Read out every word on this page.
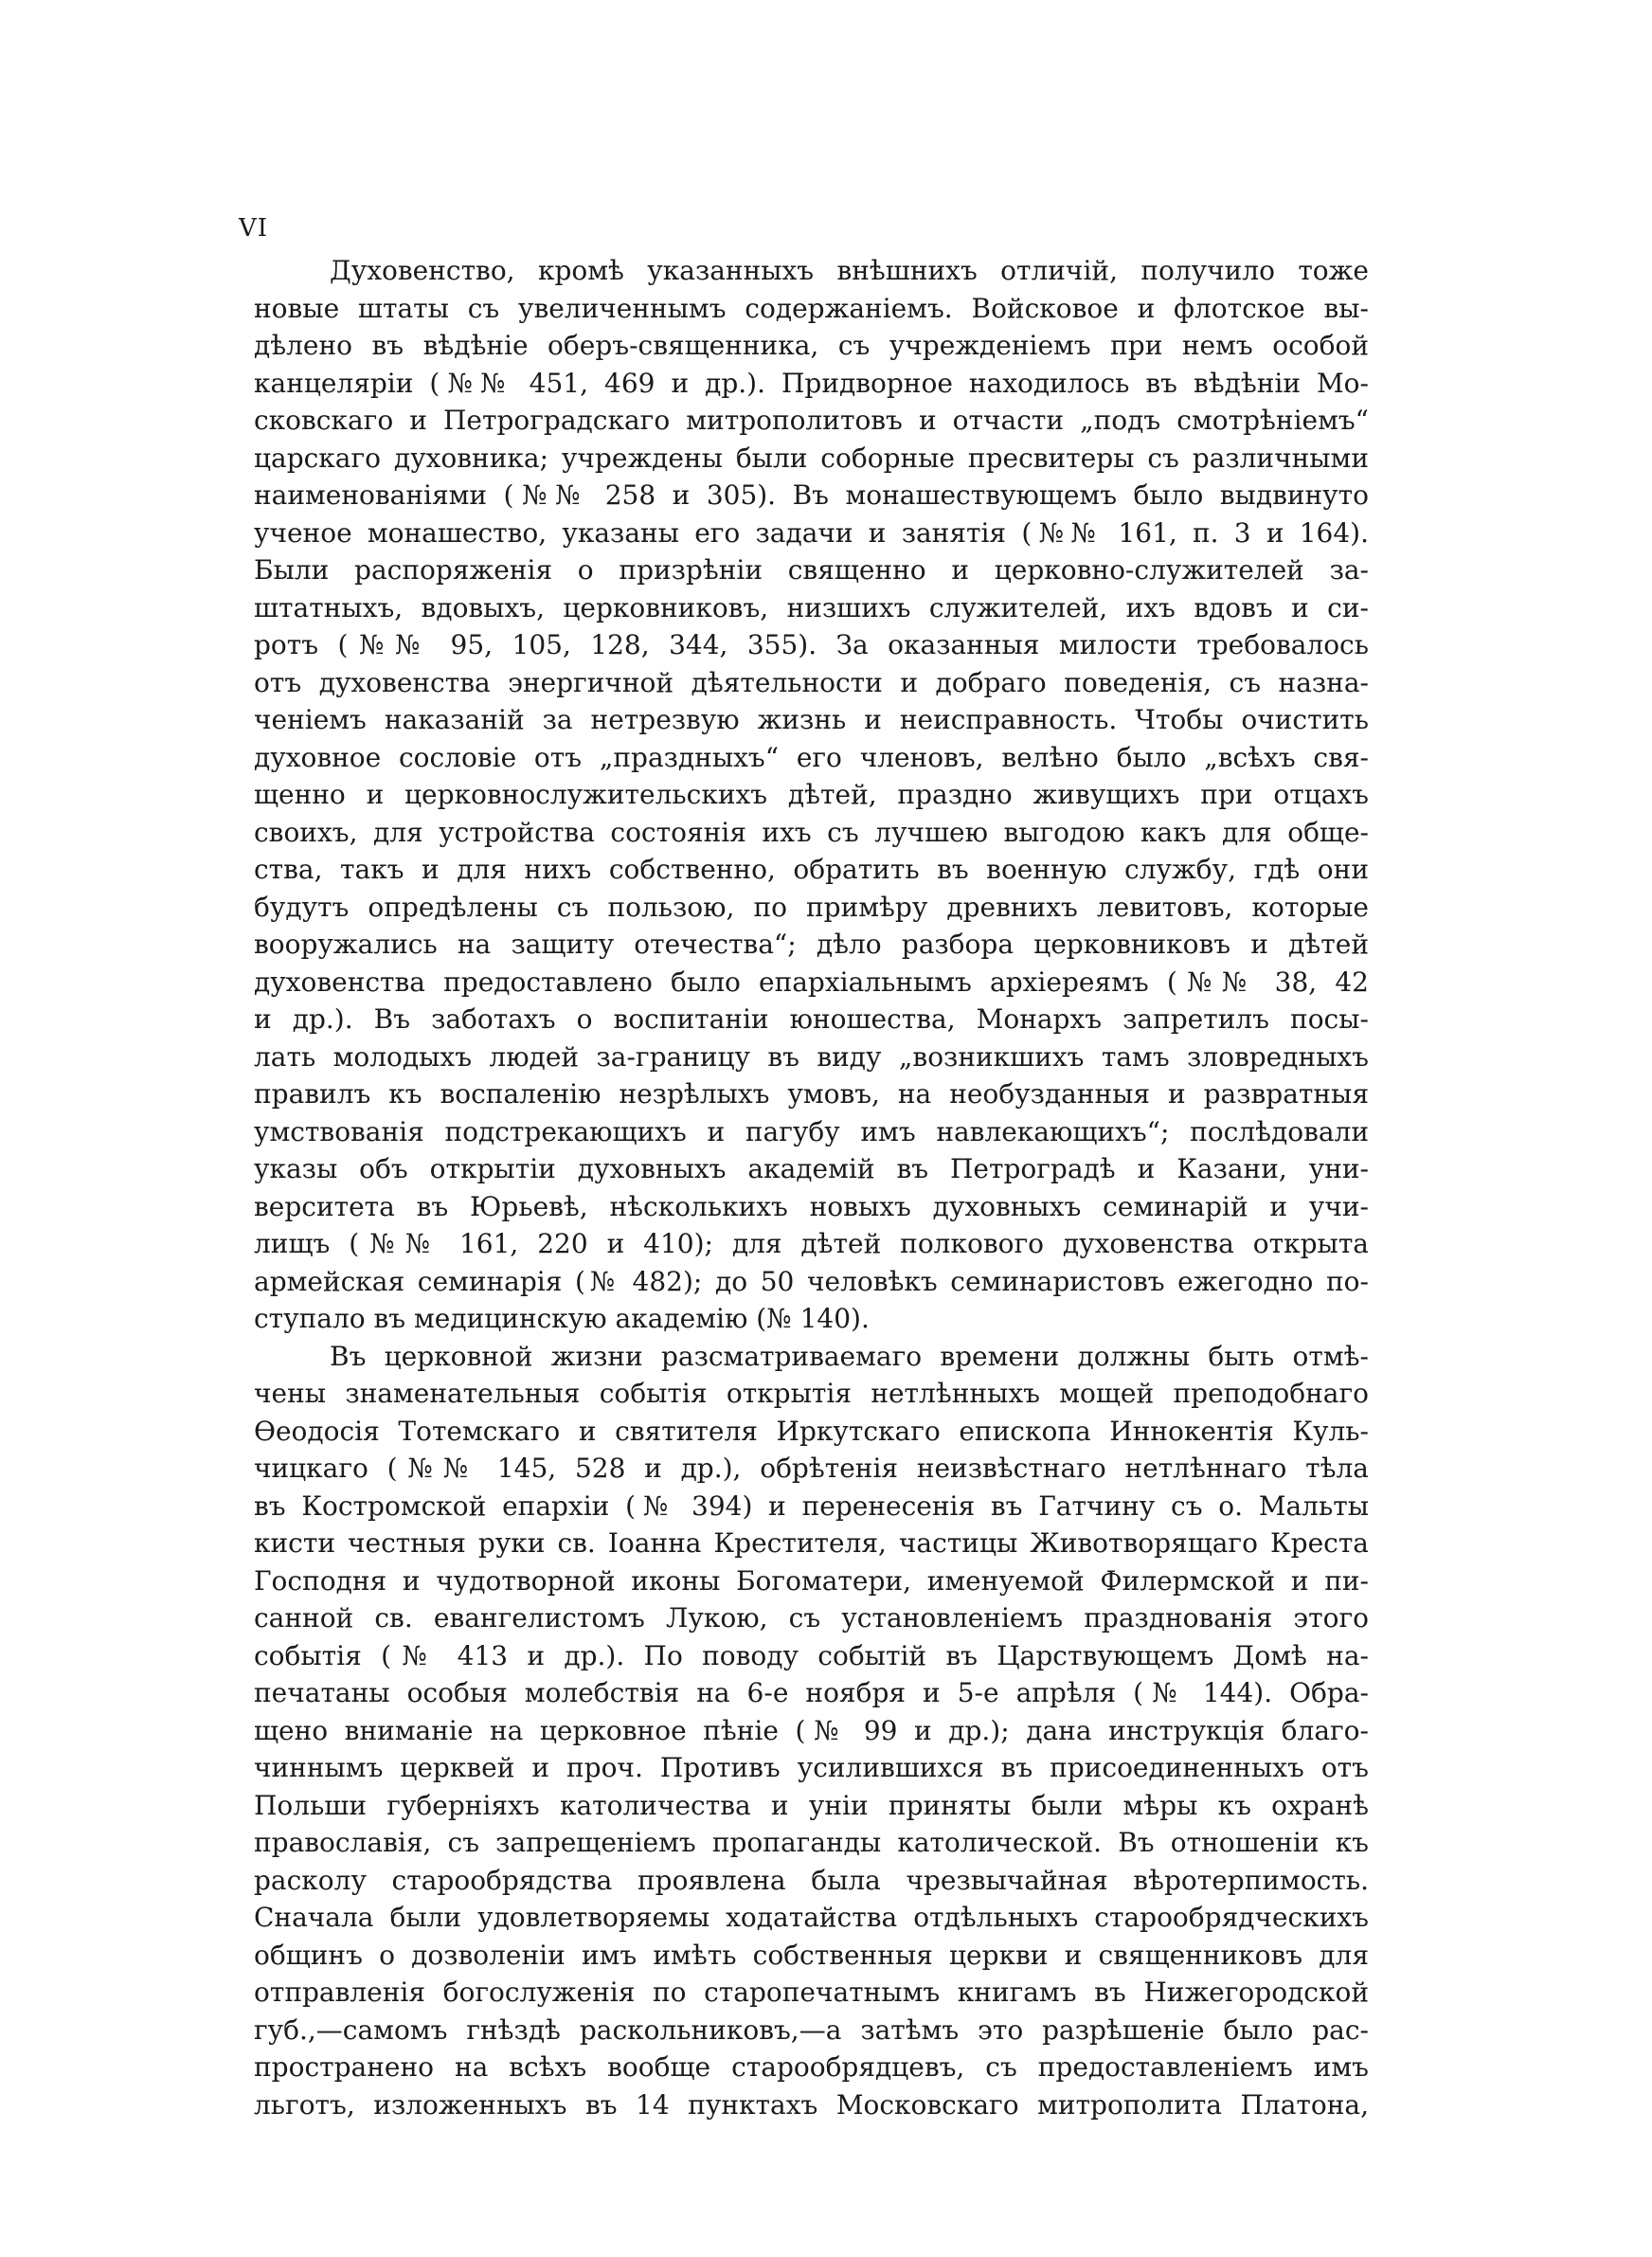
VI
Духовенство, кромѣ указанныхъ внѣшнихъ отличій, получило тоже
новые штаты съ увеличеннымъ содержаніемъ. Войсковое и флотское вы-
дѣлено въ вѣдѣніе оберъ-священника, съ учрежденіемъ при немъ особой
канцеляріи (№№ 451, 469 и др.). Придворное находилось въ вѣдѣніи Мо-
сковскаго и Петроградскаго митрополитовъ и отчасти „подъ смотрѣніемъ“
царскаго духовника; учреждены были соборные пресвитеры съ различными
наименованіями (№№ 258 и 305). Въ монашествующемъ было выдвинуто
ученое монашество, указаны его задачи и занятія (№№ 161, п. 3 и 164).
Были распоряженія о призрѣніи священно и церковно-служителей за-
штатныхъ, вдовыхъ, церковниковъ, низшихъ служителей, ихъ вдовъ и си-
ротъ (№№ 95, 105, 128, 344, 355). За оказанныя милости требовалось
отъ духовенства энергичной дѣятельности и добраго поведенія, съ назна-
ченіемъ наказаній за нетрезвую жизнь и неисправность. Чтобы очистить
духовное сословіе отъ „праздныхъ“ его членовъ, велѣно было „всѣхъ свя-
щенно и церковнослужительскихъ дѣтей, праздно живущихъ при отцахъ
своихъ, для устройства состоянія ихъ съ лучшею выгодою какъ для обще-
ства, такъ и для нихъ собственно, обратить въ военную службу, гдѣ они
будутъ опредѣлены съ пользою, по примѣру древнихъ левитовъ, которые
вооружались на защиту отечества“; дѣло разбора церковниковъ и дѣтей
духовенства предоставлено было епархіальнымъ архіереямъ (№№ 38, 42
и др.). Въ заботахъ о воспитаніи юношества, Монархъ запретилъ посы-
лать молодыхъ людей за-границу въ виду „возникшихъ тамъ зловредныхъ
правилъ къ воспаленію незрѣлыхъ умовъ, на необузданныя и развратныя
умствованія подстрекающихъ и пагубу имъ навлекающихъ“; послѣдовали
указы объ открытіи духовныхъ академій въ Петроградѣ и Казани, уни-
верситета въ Юрьевѣ, нѣсколькихъ новыхъ духовныхъ семинарій и учи-
лищъ (№№ 161, 220 и 410); для дѣтей полкового духовенства открыта
армейская семинарія (№ 482); до 50 человѣкъ семинаристовъ ежегодно по-
ступало въ медицинскую академію (№ 140).
Въ церковной жизни разсматриваемаго времени должны быть отмѣ-
чены знаменательныя событія открытія нетлѣнныхъ мощей преподобнаго
Ѳеодосія Тотемскаго и святителя Иркутскаго епископа Иннокентія Куль-
чицкаго (№№ 145, 528 и др.), обрѣтенія неизвѣстнаго нетлѣннаго тѣла
въ Костромской епархіи (№ 394) и перенесенія въ Гатчину съ о. Мальты
кисти честныя руки св. Іоанна Крестителя, частицы Животворящаго Креста
Господня и чудотворной иконы Богоматери, именуемой Филермской и пи-
санной св. евангелистомъ Лукою, съ установленіемъ празднованія этого
событія (№ 413 и др.). По поводу событій въ Царствующемъ Домѣ на-
печатаны особыя молебствія на 6-е ноября и 5-е апрѣля (№ 144). Обра-
щено вниманіе на церковное пѣніе (№ 99 и др.); дана инструкція благо-
чиннымъ церквей и проч. Противъ усилившихся въ присоединенныхъ отъ
Польши губерніяхъ католичества и уніи приняты были мѣры къ охранѣ
православія, съ запрещеніемъ пропаганды католической. Въ отношеніи къ
расколу старообрядства проявлена была чрезвычайная вѣротерпимость.
Сначала были удовлетворяемы ходатайства отдѣльныхъ старообрядческихъ
общинъ о дозволеніи имъ имѣть собственныя церкви и священниковъ для
отправленія богослуженія по старопечатнымъ книгамъ въ Нижегородской
губ.,—самомъ гнѣздѣ раскольниковъ,—а затѣмъ это разрѣшеніе было рас-
пространено на всѣхъ вообще старообрядцевъ, съ предоставленіемъ имъ
льготъ, изложенныхъ въ 14 пунктахъ Московскаго митрополита Платона,
